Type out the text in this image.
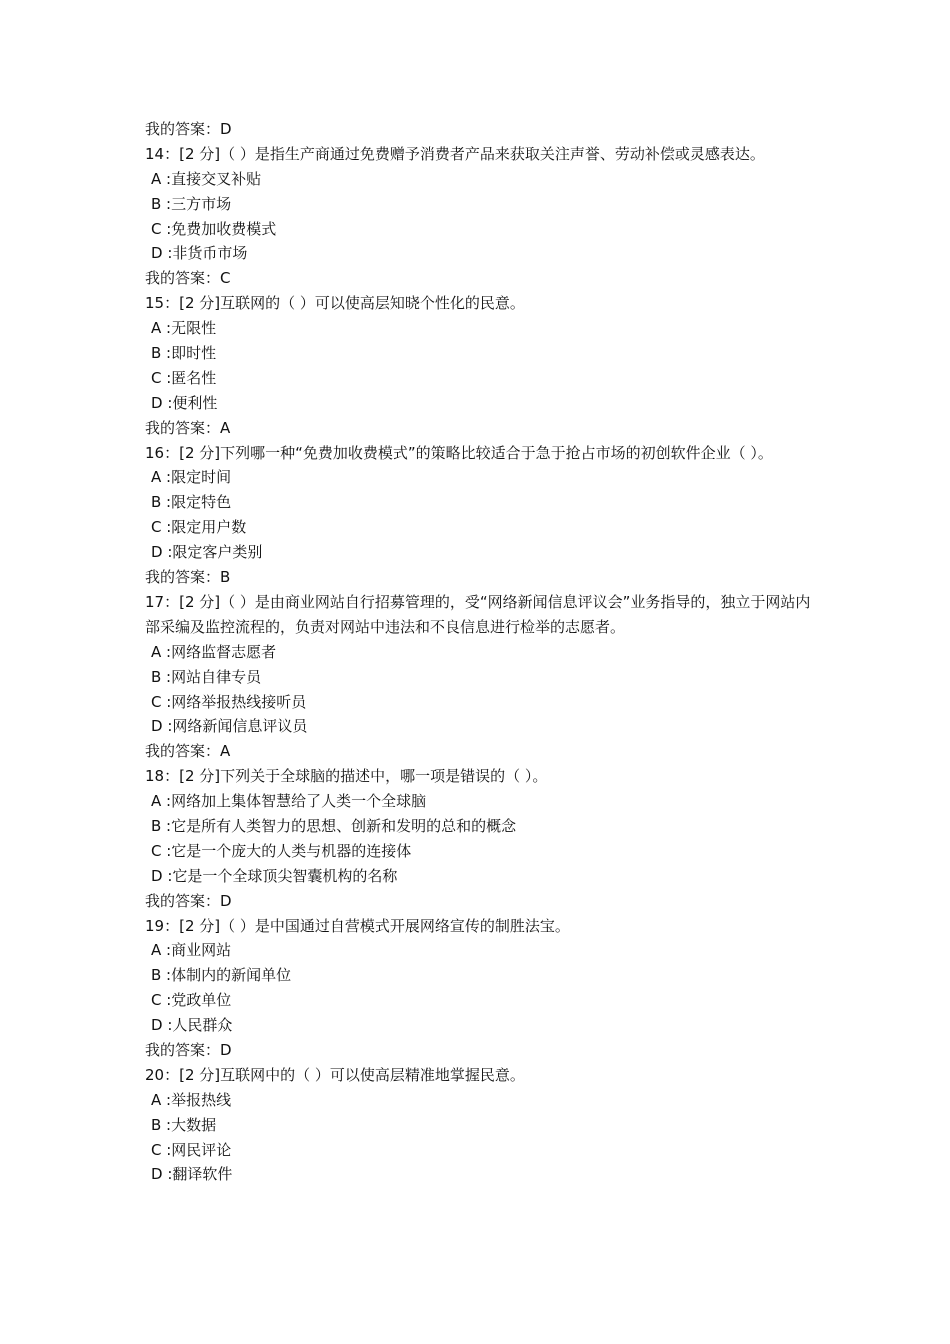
我的答案：D
14：[2 分]（ ）是指生产商通过免费赠予消费者产品来获取关注声誉、劳动补偿或灵感表达。
A :直接交叉补贴
B :三方市场
C :免费加收费模式
D :非货币市场
我的答案：C
15：[2 分]互联网的（ ）可以使高层知晓个性化的民意。
A :无限性
B :即时性
C :匿名性
D :便利性
我的答案：A
16：[2 分]下列哪一种“免费加收费模式”的策略比较适合于急于抢占市场的初创软件企业（ ）。
A :限定时间
B :限定特色
C :限定用户数
D :限定客户类别
我的答案：B
17：[2 分]（ ）是由商业网站自行招募管理的，受“网络新闻信息评议会”业务指导的，独立于网站内部采编及监控流程的，负责对网站中违法和不良信息进行检举的志愿者。
A :网络监督志愿者
B :网站自律专员
C :网络举报热线接听员
D :网络新闻信息评议员
我的答案：A
18：[2 分]下列关于全球脑的描述中，哪一项是错误的（ ）。
A :网络加上集体智慧给了人类一个全球脑
B :它是所有人类智力的思想、创新和发明的总和的概念
C :它是一个庞大的人类与机器的连接体
D :它是一个全球顶尖智囊机构的名称
我的答案：D
19：[2 分]（ ）是中国通过自营模式开展网络宣传的制胜法宝。
A :商业网站
B :体制内的新闻单位
C :党政单位
D :人民群众
我的答案：D
20：[2 分]互联网中的（ ）可以使高层精准地掌握民意。
A :举报热线
B :大数据
C :网民评论
D :翻译软件
